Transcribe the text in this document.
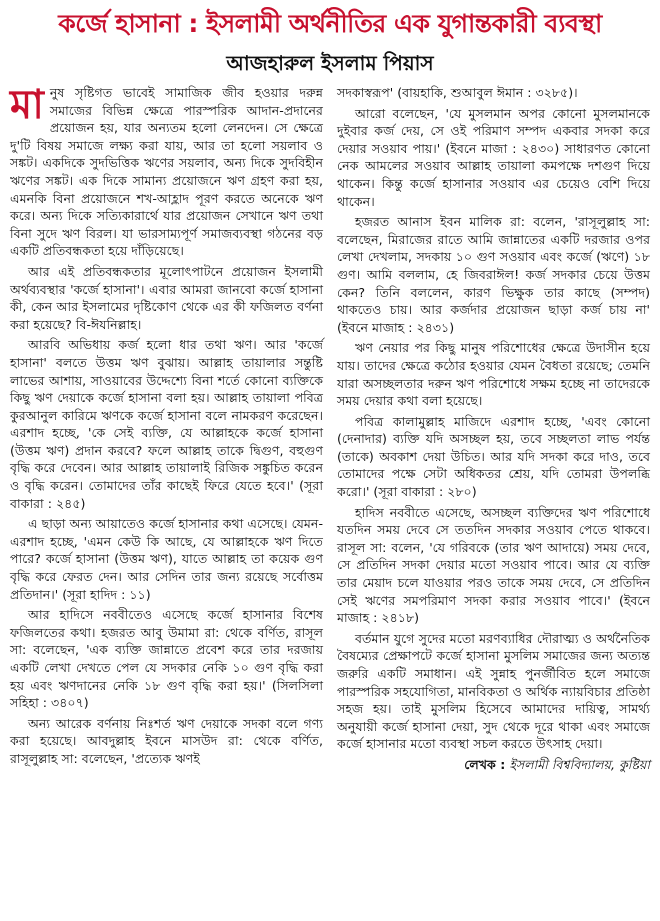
কর্জে হাসানা : ইসলামী অর্থনীতির এক যুগান্তকারী ব্যবস্থা
আজহারুল ইসলাম পিয়াস

মানুষ সৃষ্টিগত ভাবেই সামাজিক জীব হওয়ার দরুন্ন সমাজের বিভিন্ন ক্ষেত্রে পারস্পরিক আদান-প্রদানের প্রয়োজন হয়, যার অন্যতম হলো লেনদেন। সে ক্ষেত্রে দু'টি বিষয় সমাজে লক্ষ্য করা যায়, আর তা হলো সয়লাব ও সঙ্কট। একদিকে সুদভিত্তিক ঋণের সয়লাব, অন্য দিকে সুদবিহীন ঋণের সঙ্কট। এক দিকে সামান্য প্রয়োজনে ঋণ গ্রহণ করা হয়, এমনকি বিনা প্রয়োজনে শখ-আহ্লাদ পূরণ করতে অনেকে ঋণ করে। অন্য দিকে সত্যিকারার্থে যার প্রয়োজন সেখানে ঋণ তথা বিনা সুদে ঋণ বিরল। যা ভারসাম্যপূর্ণ সমাজব্যবস্থা গঠনের বড় একটি প্রতিবন্ধকতা হয়ে দাঁড়িয়েছে।

আর এই প্রতিবন্ধকতার মূলোৎপাটনে প্রয়োজন ইসলামী অর্থব্যবস্থার 'কর্জে হাসানা'। এবার আমরা জানবো কর্জে হাসানা কী, কেন আর ইসলামের দৃষ্টিকোণ থেকে এর কী ফজিলত বর্ণনা করা হয়েছে? বি-ঈযনিল্লাহ।

আরবি অভিধায় কর্জ হলো ধার তথা ঋণ। আর 'কর্জে হাসানা' বলতে উত্তম ঋণ বুঝায়। আল্লাহ তায়ালার সন্তুষ্টি লাভের আশায়, সাওয়াবের উদ্দেশ্যে বিনা শর্তে কোনো ব্যক্তিকে কিছু ঋণ দেয়াকে কর্জে হাসানা বলা হয়। আল্লাহ তায়ালা পবিত্র কুরআনুল কারিমে ঋণকে কর্জে হাসানা বলে নামকরণ করেছেন। এরশাদ হচ্ছে, 'কে সেই ব্যক্তি, যে আল্লাহকে কর্জে হাসানা (উত্তম ঋণ) প্রদান করবে? ফলে আল্লাহ তাকে দ্বিগুণ, বহুগুণ বৃদ্ধি করে দেবেন। আর আল্লাহ তায়ালাই রিজিক সঙ্কুচিত করেন ও বৃদ্ধি করেন। তোমাদের তাঁর কাছেই ফিরে যেতে হবে।' (সূরা বাকারা : ২৪৫)

এ ছাড়া অন্য আয়াতেও কর্জে হাসানার কথা এসেছে। যেমন- এরশাদ হচ্ছে, 'এমন কেউ কি আছে, যে আল্লাহকে ঋণ দিতে পারে? কর্জে হাসানা (উত্তম ঋণ), যাতে আল্লাহ তা কয়েক গুণ বৃদ্ধি করে ফেরত দেন। আর সেদিন তার জন্য রয়েছে সর্বোত্তম প্রতিদান।' (সূরা হাদিদ : ১১)

আর হাদিসে নববীতেও এসেছে কর্জে হাসানার বিশেষ ফজিলতের কথা। হজরত আবু উমামা রা: থেকে বর্ণিত, রাসূল সা: বলেছেন, 'এক ব্যক্তি জান্নাতে প্রবেশ করে তার দরজায় একটি লেখা দেখতে পেল যে সদকার নেকি ১০ গুণ বৃদ্ধি করা হয় এবং ঋণদানের নেকি ১৮ গুণ বৃদ্ধি করা হয়।' (সিলসিলা সহিহা : ৩৪০৭)

অন্য আরেক বর্ণনায় নিঃশর্ত ঋণ দেয়াকে সদকা বলে গণ্য করা হয়েছে। আবদুল্লাহ ইবনে মাসউদ রা: থেকে বর্ণিত, রাসূলুল্লাহ সা: বলেছেন, 'প্রত্যেক ঋণই

সদকাস্বরূপ' (বায়হাকি, শুআবুল ঈমান : ৩২৮৫)।

আরো বলেছেন, 'যে মুসলমান অপর কোনো মুসলমানকে দুইবার কর্জ দেয়, সে ওই পরিমাণ সম্পদ একবার সদকা করে দেয়ার সওয়াব পায়।' (ইবনে মাজা : ২৪৩০) সাধারণত কোনো নেক আমলের সওয়াব আল্লাহ তায়ালা কমপক্ষে দশগুণ দিয়ে থাকেন। কিন্তু কর্জে হাসানার সওয়াব এর চেয়েও বেশি দিয়ে থাকেন।

হজরত আনাস ইবন মালিক রা: বলেন, 'রাসূলুল্লাহ সা: বলেছেন, মিরাজের রাতে আমি জান্নাতের একটি দরজার ওপর লেখা দেখলাম, সদকায় ১০ গুণ সওয়াব এবং কর্জে (ঋণে) ১৮ গুণ। আমি বললাম, হে জিবরাঈল! কর্জ সদকার চেয়ে উত্তম কেন? তিনি বললেন, কারণ ভিক্ষুক তার কাছে (সম্পদ) থাকতেও চায়। আর কর্জদার প্রয়োজন ছাড়া কর্জ চায় না' (ইবনে মাজাহ : ২৪৩১)

ঋণ নেয়ার পর কিছু মানুষ পরিশোধের ক্ষেত্রে উদাসীন হয়ে যায়। তাদের ক্ষেত্রে কঠোর হওয়ার যেমন বৈধতা রয়েছে; তেমনি যারা অসচ্ছলতার দরুন ঋণ পরিশোধে সক্ষম হচ্ছে না তাদেরকে সময় দেয়ার কথা বলা হয়েছে।

পবিত্র কালামুল্লাহ মাজিদে এরশাদ হচ্ছে, 'এবং কোনো (দেনাদার) ব্যক্তি যদি অসচ্ছল হয়, তবে সচ্ছলতা লাভ পর্যন্ত (তাকে) অবকাশ দেয়া উচিত। আর যদি সদকা করে দাও, তবে তোমাদের পক্ষে সেটা অধিকতর শ্রেয়, যদি তোমরা উপলব্ধি করো।' (সূরা বাকারা : ২৮০)

হাদিস নববীতে এসেছে, অসচ্ছল ব্যক্তিদের ঋণ পরিশোধে যতদিন সময় দেবে সে ততদিন সদকার সওয়াব পেতে থাকবে। রাসূল সা: বলেন, 'যে গরিবকে (তার ঋণ আদায়ে) সময় দেবে, সে প্রতিদিন সদকা দেয়ার মতো সওয়াব পাবে। আর যে ব্যক্তি তার মেয়াদ চলে যাওয়ার পরও তাকে সময় দেবে, সে প্রতিদিন সেই ঋণের সমপরিমাণ সদকা করার সওয়াব পাবে।' (ইবনে মাজাহ : ২৪১৮)

বর্তমান যুগে সুদের মতো মরণব্যাধির দৌরাত্ম্য ও অর্থনৈতিক বৈষম্যের প্রেক্ষাপটে কর্জে হাসানা মুসলিম সমাজের জন্য অত্যন্ত জরুরি একটি সমাধান। এই সুন্নাহ পুনর্জীবিত হলে সমাজে পারস্পরিক সহযোগিতা, মানবিকতা ও অর্থিক ন্যায়বিচার প্রতিষ্ঠা সহজ হয়। তাই মুসলিম হিসেবে আমাদের দায়িত্ব, সামর্থ্য অনুযায়ী কর্জে হাসানা দেয়া, সুদ থেকে দূরে থাকা এবং সমাজে কর্জে হাসানার মতো ব্যবস্থা সচল করতে উৎসাহ দেয়া।

লেখক : ইসলামী বিশ্ববিদ্যালয়, কুষ্টিয়া
